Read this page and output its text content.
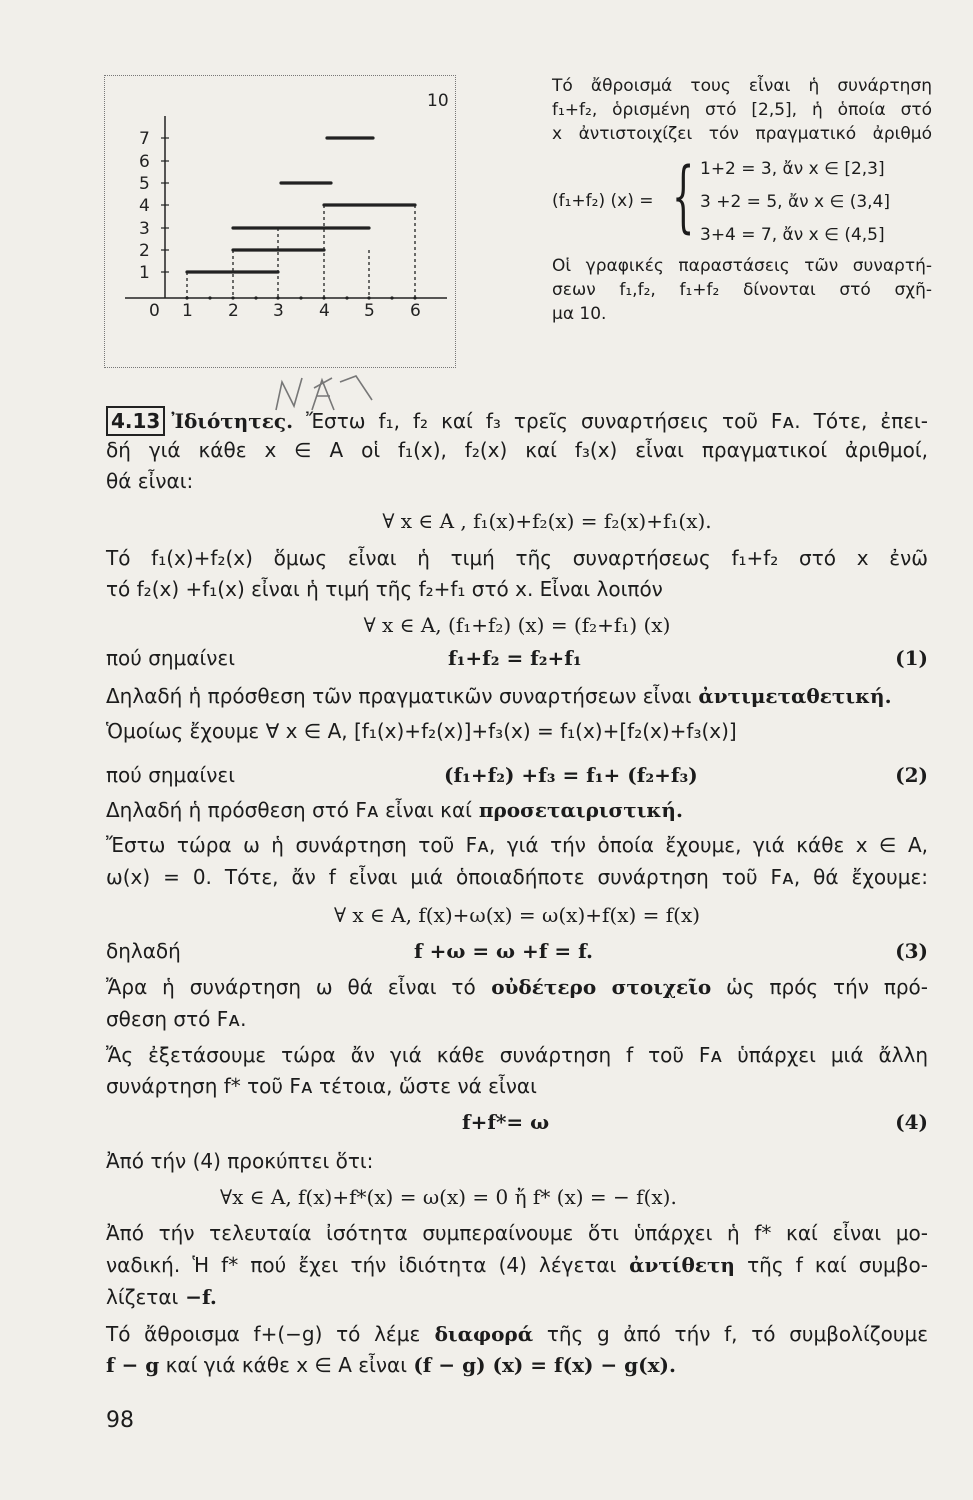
0 1 2 3 4 5 6
1
2
3
4
5
6
7
10
Τό ἄθροισμά τους εἶναι ἡ συνάρτηση
f₁+f₂, ὁρισμένη στό [2,5], ἡ ὁποία στό
x ἀντιστοιχίζει τόν πραγματικό ἀριθμό
Οἱ γραφικές παραστάσεις τῶν συναρτή-
σεων f₁,f₂, f₁+f₂ δίνονται στό σχῆ-
μα 10.
(f₁+f₂) (x) = { 1+2 = 3, ἄν x ∈ [2,3]
3 +2 = 5, ἄν x ∈ (3,4]
3+4 = 7, ἄν x ∈ (4,5]
4.13 Ἰδιότητες. Ἔστω f₁, f₂ καί f₃ τρεῖς συναρτήσεις τοῦ Fᴀ. Τότε, ἐπει-
δή γιά κάθε x ∈ A οἱ f₁(x), f₂(x) καί f₃(x) εἶναι πραγματικοί ἀριθμοί,
θά εἶναι:
∀ x ∈ A , f₁(x)+f₂(x) = f₂(x)+f₁(x).
Τό f₁(x)+f₂(x) ὅμως εἶναι ἡ τιμή τῆς συναρτήσεως f₁+f₂ στό x ἐνῶ
τό f₂(x) +f₁(x) εἶναι ἡ τιμή τῆς f₂+f₁ στό x. Εἶναι λοιπόν
∀ x ∈ A, (f₁+f₂) (x) = (f₂+f₁) (x)
πού σημαίνει	f₁+f₂ = f₂+f₁	(1)
Δηλαδή ἡ πρόσθεση τῶν πραγματικῶν συναρτήσεων εἶναι ἀντιμεταθετική.
Ὁμοίως ἔχουμε ∀ x ∈ A, [f₁(x)+f₂(x)]+f₃(x) = f₁(x)+[f₂(x)+f₃(x)]
πού σημαίνει	(f₁+f₂) +f₃ = f₁+ (f₂+f₃)	(2)
Δηλαδή ἡ πρόσθεση στό Fᴀ εἶναι καί προσεταιριστική.
Ἔστω τώρα ω ἡ συνάρτηση τοῦ Fᴀ, γιά τήν ὁποία ἔχουμε, γιά κάθε x ∈ A,
ω(x) = 0. Τότε, ἄν f εἶναι μιά ὁποιαδήποτε συνάρτηση τοῦ Fᴀ, θά ἔχουμε:
∀ x ∈ A, f(x)+ω(x) = ω(x)+f(x) = f(x)
δηλαδή	f +ω = ω +f = f.	(3)
Ἄρα ἡ συνάρτηση ω θά εἶναι τό οὐδέτερο στοιχεῖο ὡς πρός τήν πρό-
σθεση στό Fᴀ.
Ἄς ἐξετάσουμε τώρα ἄν γιά κάθε συνάρτηση f τοῦ Fᴀ ὑπάρχει μιά ἄλλη
συνάρτηση f* τοῦ Fᴀ τέτοια, ὥστε νά εἶναι
f+f*= ω	(4)
Ἀπό τήν (4) προκύπτει ὅτι:
∀x ∈ A, f(x)+f*(x) = ω(x) = 0 ἤ f* (x) = − f(x).
Ἀπό τήν τελευταία ἰσότητα συμπεραίνουμε ὅτι ὑπάρχει ἡ f* καί εἶναι μο-
ναδική. Ἡ f* πού ἔχει τήν ἰδιότητα (4) λέγεται ἀντίθετη τῆς f καί συμβο-
λίζεται −f.
Τό ἄθροισμα f+(−g) τό λέμε διαφορά τῆς g ἀπό τήν f, τό συμβολίζουμε
f − g καί γιά κάθε x ∈ A εἶναι (f − g) (x) = f(x) − g(x).
98
